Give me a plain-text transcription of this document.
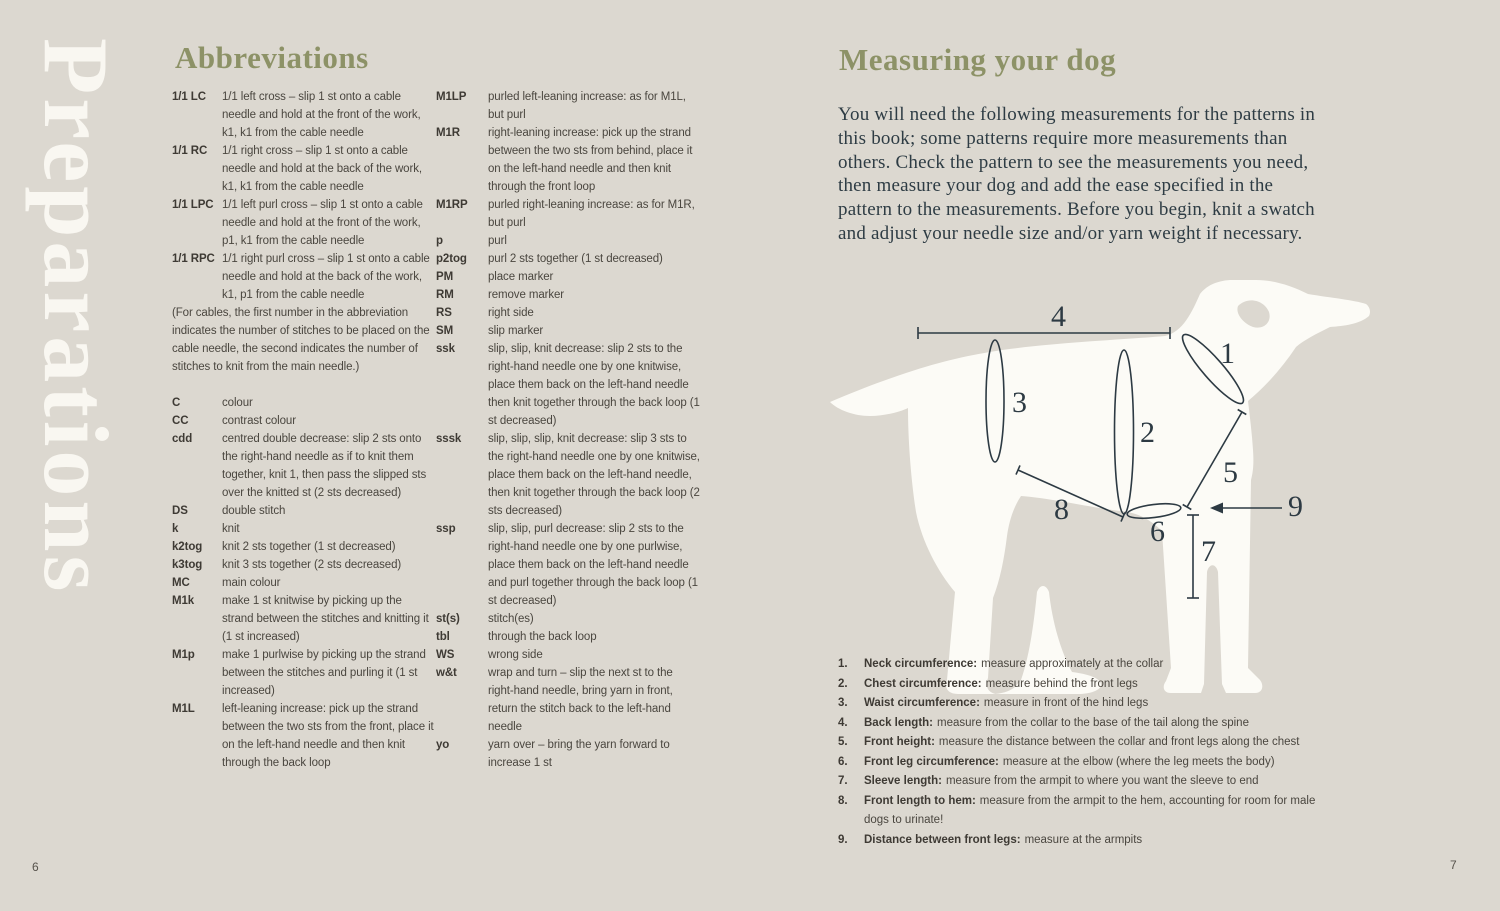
Preparations Abbreviations
1/1 LC	1/1 left cross – slip 1 st onto a cable needle and hold at the front of the work, k1, k1 from the cable needle
1/1 RC	1/1 right cross – slip 1 st onto a cable needle and hold at the back of the work, k1, k1 from the cable needle
1/1 LPC 1/1 left purl cross – slip 1 st onto a cable needle and hold at the front of the work, p1, k1 from the cable needle
1/1 RPC 1/1 right purl cross – slip 1 st onto a cable needle and hold at the back of the work, k1, p1 from the cable needle

(For cables, the first number in the abbreviation indicates the number of stitches to be placed on the cable needle, the second indicates the number of stitches to knit from the main needle.)

C	colour
CC	contrast colour
cdd	centred double decrease: slip 2 sts onto the right-hand needle as if to knit them together, knit 1, then pass the slipped sts over the knitted st (2 sts decreased)
DS	double stitch
k	knit
k2tog	knit 2 sts together (1 st decreased)
k3tog	knit 3 sts together (2 sts decreased)
MC	main colour
M1k	make 1 st knitwise by picking up the strand between the stitches and knitting it (1 st increased)
M1p	make 1 purlwise by picking up the strand between the stitches and purling it (1 st increased)
M1L	left-leaning increase: pick up the strand between the two sts from the front, place it on the left-hand needle and then knit through the back loop
M1LP	purled left-leaning increase: as for M1L, but purl
M1R	right-leaning increase: pick up the strand between the two sts from behind, place it on the left-hand needle and then knit through the front loop
M1RP	purled right-leaning increase: as for M1R, but purl
p	purl
p2tog	purl 2 sts together (1 st decreased)
PM	place marker
RM	remove marker
RS	right side
SM	slip marker
ssk	slip, slip, knit decrease: slip 2 sts to the right-hand needle one by one knitwise, place them back on the left-hand needle then knit together through the back loop (1 st decreased)
sssk	slip, slip, slip, knit decrease: slip 3 sts to the right-hand needle one by one knitwise, place them back on the left-hand needle, then knit together through the back loop (2 sts decreased)
ssp	slip, slip, purl decrease: slip 2 sts to the right-hand needle one by one purlwise, place them back on the left-hand needle and purl together through the back loop (1 st decreased)
st(s)	stitch(es)
tbl	through the back loop
WS	wrong side
w&t	wrap and turn – slip the next st to the right-hand needle, bring yarn in front, return the stitch back to the left-hand needle
yo	yarn over – bring the yarn forward to increase 1 st
6
Measuring your dog

You will need the following measurements for the patterns in this book; some patterns require more measurements than others. Check the pattern to see the measurements you need, then measure your dog and add the ease specified in the pattern to the measurements. Before you begin, knit a swatch and adjust your needle size and/or yarn weight if necessary.

4
3
2
1
5
8
6
9
7
1.	Neck circumference: measure approximately at the collar
2.	Chest circumference: measure behind the front legs
3.	Waist circumference: measure in front of the hind legs
4.	Back length: measure from the collar to the base of the tail along the spine
5.	Front height: measure the distance between the collar and front legs along the chest
6.	Front leg circumference: measure at the elbow (where the leg meets the body)
7.	Sleeve length: measure from the armpit to where you want the sleeve to end
8.	Front length to hem: measure from the armpit to the hem, accounting for room for male dogs to urinate!
9.	Distance between front legs: measure at the armpits
7
